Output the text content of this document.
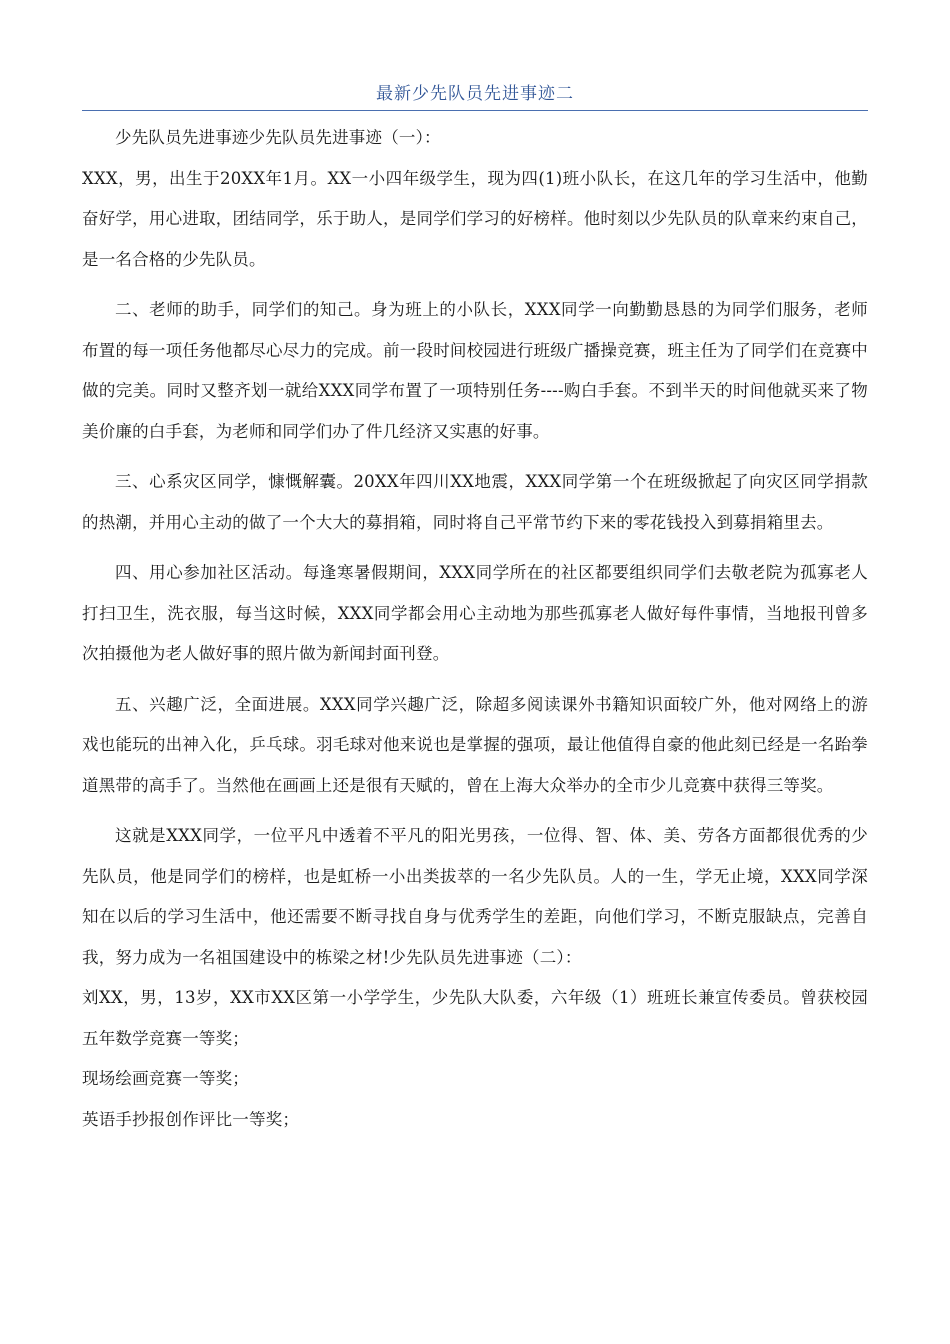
最新少先队员先进事迹二

少先队员先进事迹少先队员先进事迹（一）：

XXX，男，出生于20XX年1月。XX一小四年级学生，现为四(1)班小队长，在这几年的学习生活中，他勤奋好学，用心进取，团结同学，乐于助人，是同学们学习的好榜样。他时刻以少先队员的队章来约束自己，是一名合格的少先队员。

二、老师的助手，同学们的知己。身为班上的小队长，XXX同学一向勤勤恳恳的为同学们服务，老师布置的每一项任务他都尽心尽力的完成。前一段时间校园进行班级广播操竞赛，班主任为了同学们在竞赛中做的完美。同时又整齐划一就给XXX同学布置了一项特别任务----购白手套。不到半天的时间他就买来了物美价廉的白手套，为老师和同学们办了件几经济又实惠的好事。

三、心系灾区同学，慷慨解囊。20XX年四川XX地震，XXX同学第一个在班级掀起了向灾区同学捐款的热潮，并用心主动的做了一个大大的募捐箱，同时将自己平常节约下来的零花钱投入到募捐箱里去。

四、用心参加社区活动。每逢寒暑假期间，XXX同学所在的社区都要组织同学们去敬老院为孤寡老人打扫卫生，洗衣服，每当这时候，XXX同学都会用心主动地为那些孤寡老人做好每件事情，当地报刊曾多次拍摄他为老人做好事的照片做为新闻封面刊登。

五、兴趣广泛，全面进展。XXX同学兴趣广泛，除超多阅读课外书籍知识面较广外，他对网络上的游戏也能玩的出神入化，乒乓球。羽毛球对他来说也是掌握的强项，最让他值得自豪的他此刻已经是一名跆拳道黑带的高手了。当然他在画画上还是很有天赋的，曾在上海大众举办的全市少儿竞赛中获得三等奖。

这就是XXX同学，一位平凡中透着不平凡的阳光男孩，一位得、智、体、美、劳各方面都很优秀的少先队员，他是同学们的榜样，也是虹桥一小出类拔萃的一名少先队员。人的一生，学无止境，XXX同学深知在以后的学习生活中，他还需要不断寻找自身与优秀学生的差距，向他们学习，不断克服缺点，完善自我，努力成为一名祖国建设中的栋梁之材!少先队员先进事迹（二）：

刘XX，男，13岁，XX市XX区第一小学学生，少先队大队委，六年级（1）班班长兼宣传委员。曾获校园五年数学竞赛一等奖；

现场绘画竞赛一等奖；

英语手抄报创作评比一等奖；
